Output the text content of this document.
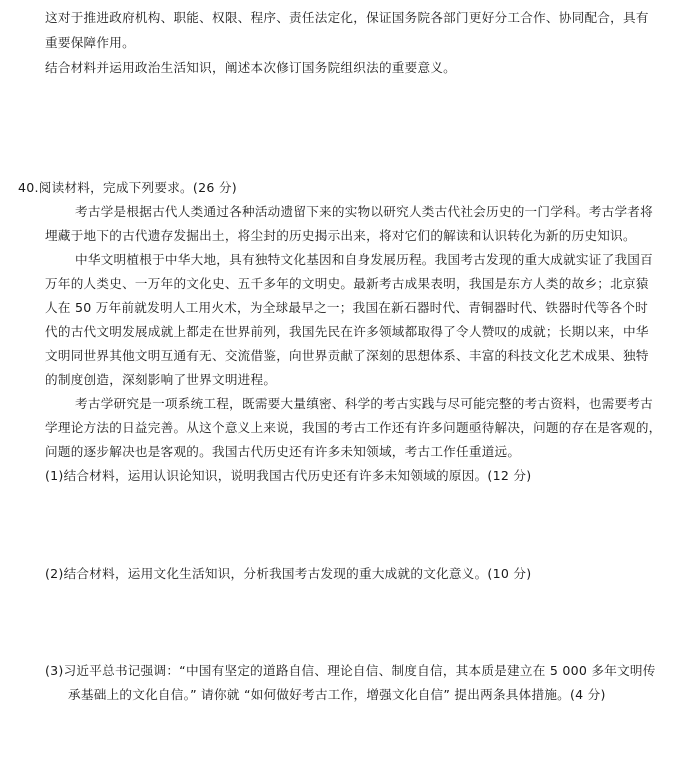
这对于推进政府机构、职能、权限、程序、责任法定化，保证国务院各部门更好分工合作、协同配合，具有
重要保障作用。
结合材料并运用政治生活知识，阐述本次修订国务院组织法的重要意义。
40.阅读材料，完成下列要求。(26 分)
考古学是根据古代人类通过各种活动遗留下来的实物以研究人类古代社会历史的一门学科。考古学者将
埋藏于地下的古代遗存发掘出土，将尘封的历史揭示出来，将对它们的解读和认识转化为新的历史知识。
中华文明植根于中华大地，具有独特文化基因和自身发展历程。我国考古发现的重大成就实证了我国百
万年的人类史、一万年的文化史、五千多年的文明史。最新考古成果表明，我国是东方人类的故乡；北京猿
人在 50 万年前就发明人工用火术，为全球最早之一；我国在新石器时代、青铜器时代、铁器时代等各个时
代的古代文明发展成就上都走在世界前列，我国先民在许多领域都取得了令人赞叹的成就；长期以来，中华
文明同世界其他文明互通有无、交流借鉴，向世界贡献了深刻的思想体系、丰富的科技文化艺术成果、独特
的制度创造，深刻影响了世界文明进程。
考古学研究是一项系统工程，既需要大量缜密、科学的考古实践与尽可能完整的考古资料，也需要考古
学理论方法的日益完善。从这个意义上来说，我国的考古工作还有许多问题亟待解决，问题的存在是客观的，
问题的逐步解决也是客观的。我国古代历史还有许多未知领域，考古工作任重道远。
(1)结合材料，运用认识论知识，说明我国古代历史还有许多未知领域的原因。(12 分)
(2)结合材料，运用文化生活知识，分析我国考古发现的重大成就的文化意义。(10 分)
(3)习近平总书记强调：“中国有坚定的道路自信、理论自信、制度自信，其本质是建立在 5 000 多年文明传
承基础上的文化自信。” 请你就 “如何做好考古工作，增强文化自信” 提出两条具体措施。(4 分)
